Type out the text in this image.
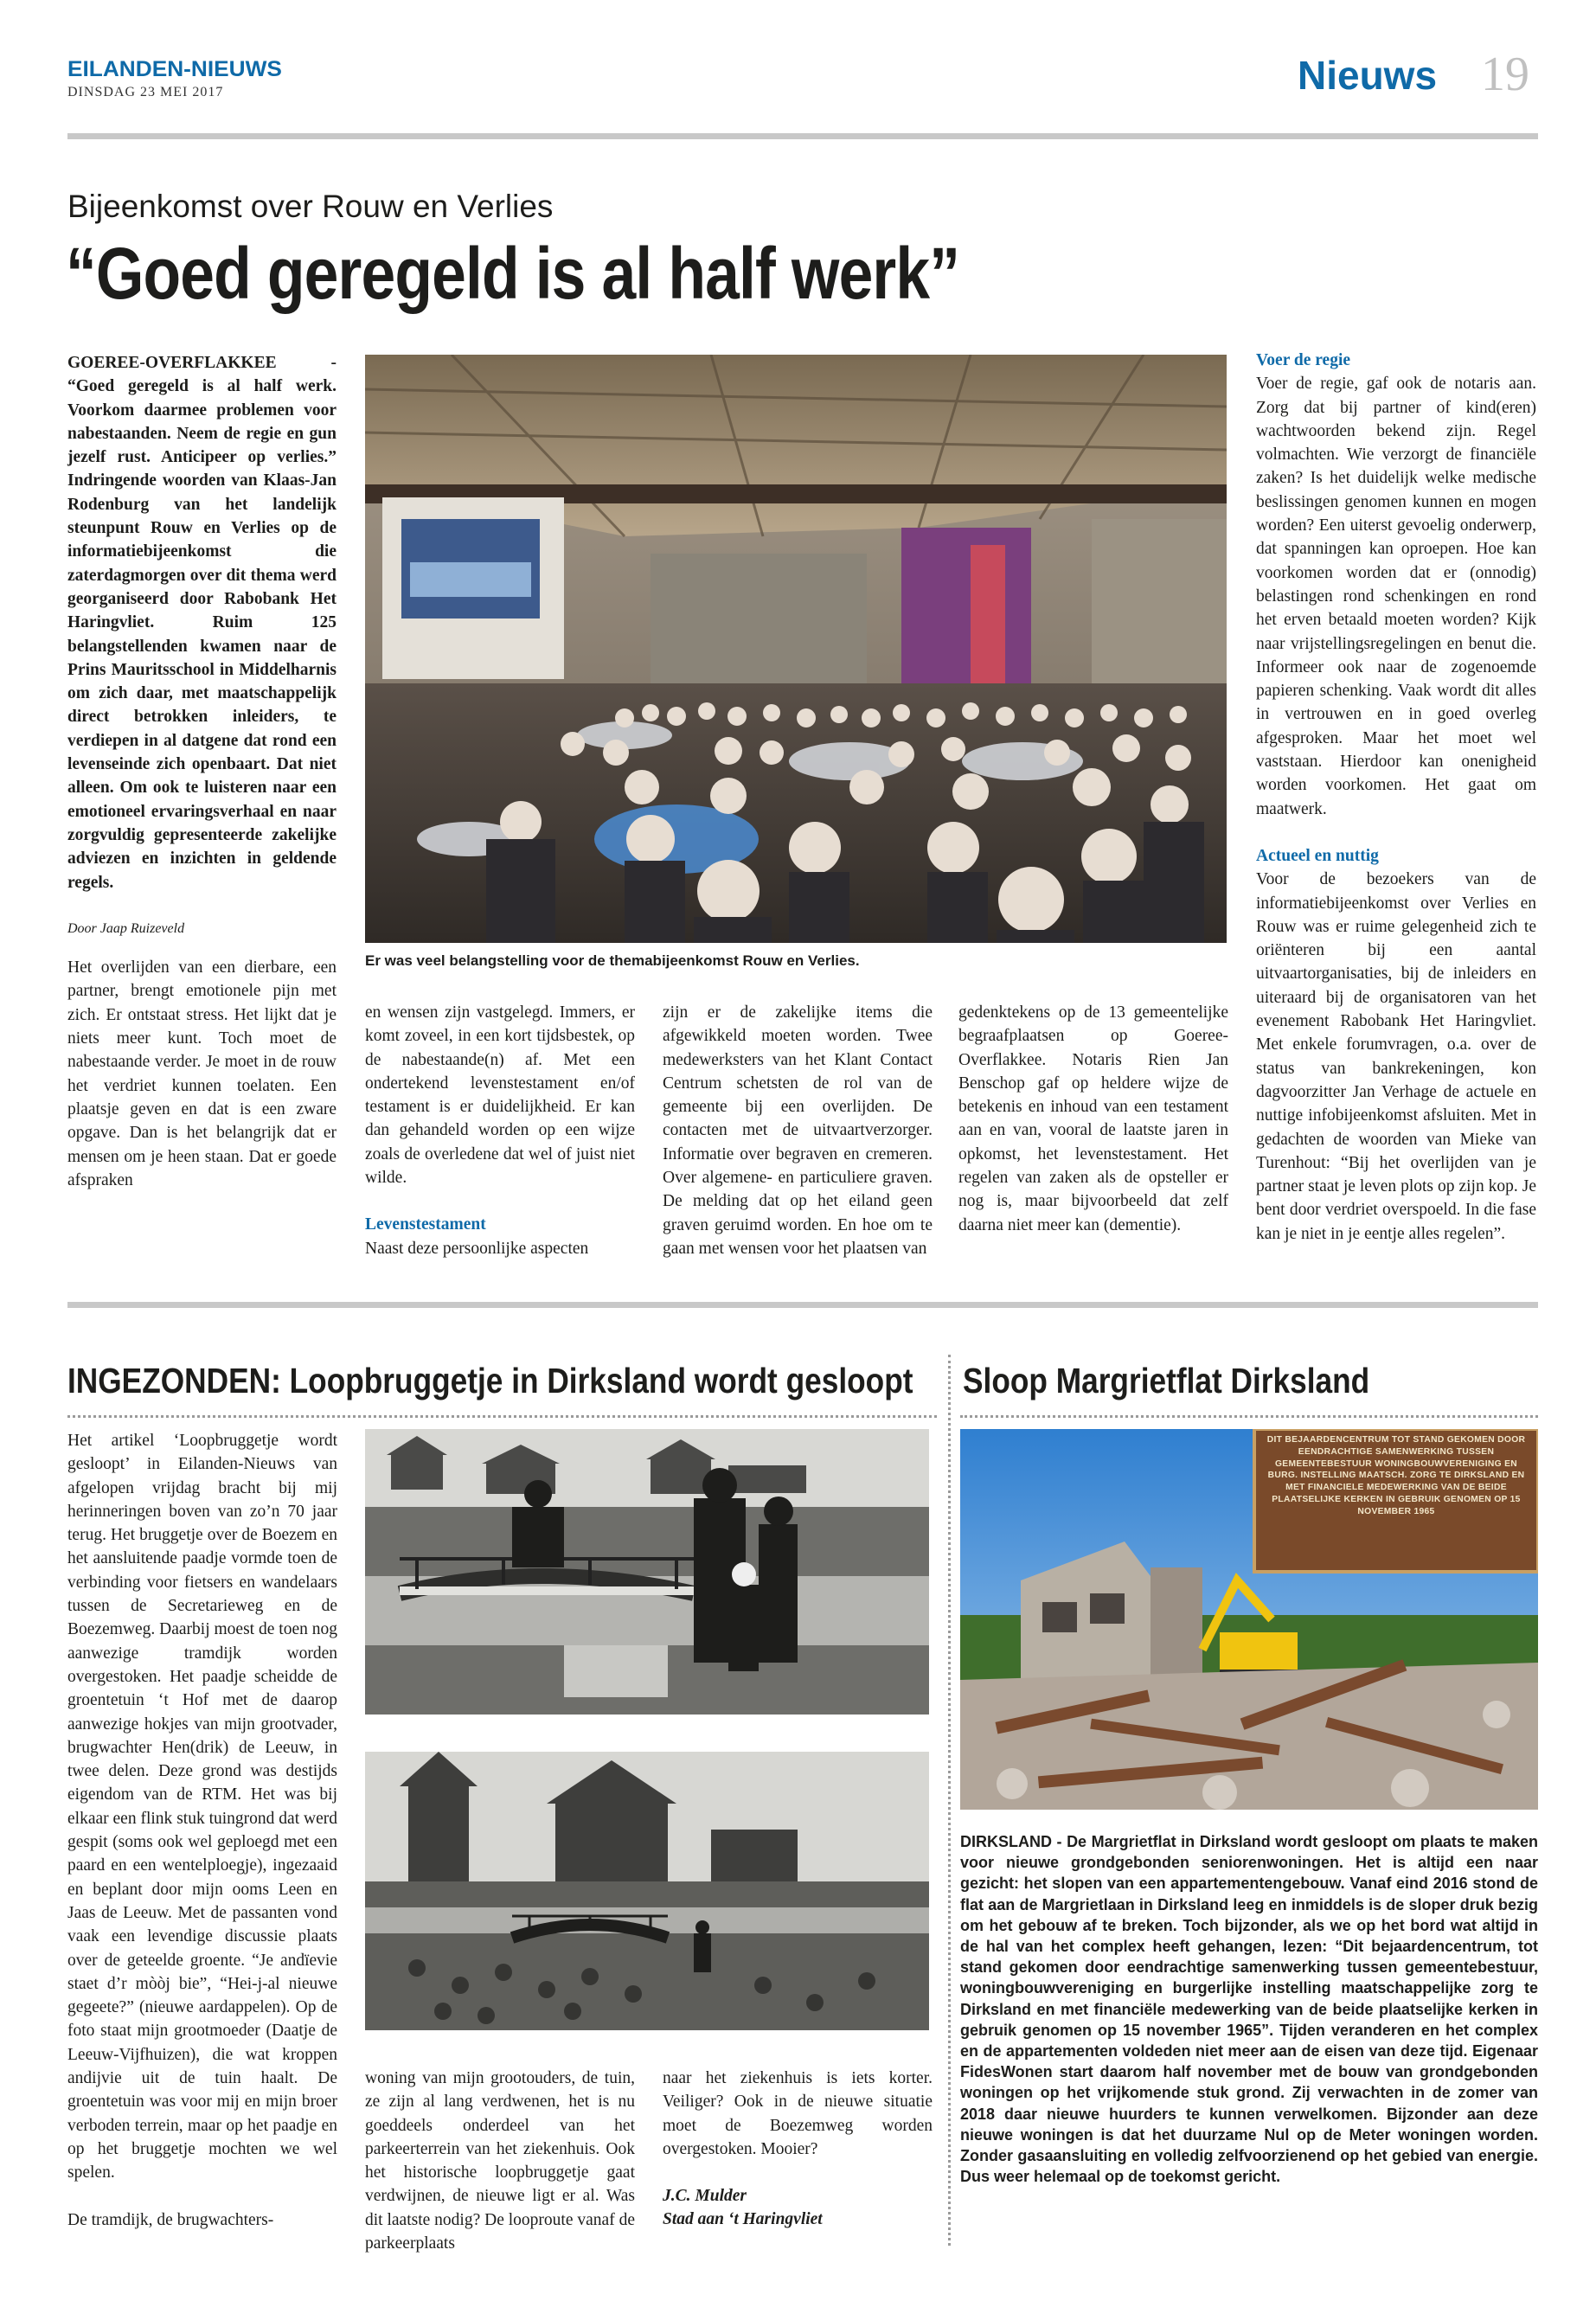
EILANDEN-NIEUWS
DINSDAG 23 MEI 2017	Nieuws 19
Bijeenkomst over Rouw en Verlies
“Goed geregeld is al half werk”

GOEREE-OVERFLAKKEE - “Goed geregeld is al half werk. Voorkom daarmee problemen voor nabestaanden. Neem de regie en gun jezelf rust. Anticipeer op verlies.” Indringende woorden van Klaas-Jan Rodenburg van het landelijk steunpunt Rouw en Verlies op de informatiebijeenkomst die zaterdagmorgen over dit thema werd georganiseerd door Rabobank Het Haringvliet. Ruim 125 belangstellenden kwamen naar de Prins Mauritsschool in Middelharnis om zich daar, met maatschappelijk direct betrokken inleiders, te verdiepen in al datgene dat rond een levenseinde zich openbaart. Dat niet alleen. Om ook te luisteren naar een emotioneel ervaringsverhaal en naar zorgvuldig gepresenteerde zakelijke adviezen en inzichten in geldende regels.

Door Jaap Ruizeveld

Het overlijden van een dierbare, een partner, brengt emotionele pijn met zich. Er ontstaat stress. Het lijkt dat je niets meer kunt. Toch moet de nabestaande verder. Je moet in de rouw het verdriet kunnen toelaten. Een plaatsje geven en dat is een zware opgave. Dan is het belangrijk dat er mensen om je heen staan. Dat er goede afspraken

Er was veel belangstelling voor de themabijeenkomst Rouw en Verlies.

en wensen zijn vastgelegd. Immers, er komt zoveel, in een kort tijdsbestek, op de nabestaande(n) af. Met een ondertekend levenstestament en/of testament is er duidelijkheid. Er kan dan gehandeld worden op een wijze zoals de overledene dat wel of juist niet wilde.

Levenstestament

Naast deze persoonlijke aspecten

zijn er de zakelijke items die afgewikkeld moeten worden. Twee medewerksters van het Klant Contact Centrum schetsten de rol van de gemeente bij een overlijden. De contacten met de uitvaartverzorger. Informatie over begraven en cremeren. Over algemene- en particuliere graven. De melding dat op het eiland geen graven geruimd worden. En hoe om te gaan met wensen voor het plaatsen van
gedenktekens op de 13 gemeentelijke begraafplaatsen op Goeree-Overflakkee. Notaris Rien Jan Benschop gaf op heldere wijze de betekenis en inhoud van een testament aan en van, vooral de laatste jaren in opkomst, het levenstestament. Het regelen van zaken als de opsteller er nog is, maar bijvoorbeeld dat zelf daarna niet meer kan (dementie).

Voer de regie

Voer de regie, gaf ook de notaris aan. Zorg dat bij partner of kind(eren) wachtwoorden bekend zijn. Regel volmachten. Wie verzorgt de financiële zaken? Is het duidelijk welke medische beslissingen genomen kunnen en mogen worden? Een uiterst gevoelig onderwerp, dat spanningen kan oproepen. Hoe kan voorkomen worden dat er (onnodig) belastingen rond schenkingen en rond het erven betaald moeten worden? Kijk naar vrijstellingsregelingen en benut die. Informeer ook naar de zogenoemde papieren schenking. Vaak wordt dit alles in vertrouwen en in goed overleg afgesproken. Maar het moet wel vaststaan. Hierdoor kan onenigheid worden voorkomen. Het gaat om maatwerk.

Actueel en nuttig

Voor de bezoekers van de informatiebijeenkomst over Verlies en Rouw was er ruime gelegenheid zich te oriënteren bij een aantal uitvaartorganisaties, bij de inleiders en uiteraard bij de organisatoren van het evenement Rabobank Het Haringvliet. Met enkele forumvragen, o.a. over de status van bankrekeningen, kon dagvoorzitter Jan Verhage de actuele en nuttige infobijeenkomst afsluiten. Met in gedachten de woorden van Mieke van Turenhout: “Bij het overlijden van je partner staat je leven plots op zijn kop. Je bent door verdriet overspoeld. In die fase kan je niet in je eentje alles regelen”.

INGEZONDEN: Loopbruggetje in Dirksland wordt gesloopt

Het artikel ‘Loopbruggetje wordt gesloopt’ in Eilanden-Nieuws van afgelopen vrijdag bracht bij mij herinneringen boven van zo’n 70 jaar terug. Het bruggetje over de Boezem en het aansluitende paadje vormde toen de verbinding voor fietsers en wandelaars tussen de Secretarieweg en de Boezemweg. Daarbij moest de toen nog aanwezige tramdijk worden overgestoken. Het paadje scheidde de groentetuin ‘t Hof met de daarop aanwezige hokjes van mijn grootvader, brugwachter Hen(drik) de Leeuw, in twee delen. Deze grond was destijds eigendom van de RTM. Het was bij elkaar een flink stuk tuingrond dat werd gespit (soms ook wel geploegd met een paard en een wentelploegje), ingezaaid en beplant door mijn ooms Leen en Jaas de Leeuw. Met de passanten vond vaak een levendige discussie plaats over de geteelde groente. “Je andïevie staet d’r mòòj bie”, “Hei-j-al nieuwe gegeete?” (nieuwe aardappelen). Op de foto staat mijn grootmoeder (Daatje de Leeuw-Vijfhuizen), die wat kroppen andijvie uit de tuin haalt. De groentetuin was voor mij en mijn broer verboden terrein, maar op het paadje en op het bruggetje mochten we wel spelen.

De tramdijk, de brugwachters-

woning van mijn grootouders, de tuin, ze zijn al lang verdwenen, het is nu goeddeels onderdeel van het parkeerterrein van het ziekenhuis. Ook het historische loopbruggetje gaat verdwijnen, de nieuwe ligt er al. Was dit laatste nodig? De looproute vanaf de parkeerplaats

naar het ziekenhuis is iets korter. Veiliger? Ook in de nieuwe situatie moet de Boezemweg worden overgestoken. Mooier?

J.C. Mulder

Stad aan ‘t Haringvliet

Sloop Margrietflat Dirksland
DIT BEJAARDENCENTRUM TOT STAND GEKOMEN DOOR EENDRACHTIGE SAMENWERKING TUSSEN GEMEENTEBESTUUR WONINGBOUWVERENIGING EN BURG. INSTELLING MAATSCH. ZORG TE DIRKSLAND EN MET FINANCIELE MEDEWERKING VAN DE BEIDE PLAATSELIJKE KERKEN IN GEBRUIK GENOMEN OP 15 NOVEMBER 1965
DIRKSLAND - De Margrietflat in Dirksland wordt gesloopt om plaats te maken voor nieuwe grondgebonden seniorenwoningen. Het is altijd een naar gezicht: het slopen van een appartementengebouw. Vanaf eind 2016 stond de flat aan de Margrietlaan in Dirksland leeg en inmiddels is de sloper druk bezig om het gebouw af te breken. Toch bijzonder, als we op het bord wat altijd in de hal van het complex heeft gehangen, lezen: “Dit bejaardencentrum, tot stand gekomen door eendrachtige samenwerking tussen gemeentebestuur, woningbouwvereniging en burgerlijke instelling maatschappelijke zorg te Dirksland en met financiële medewerking van de beide plaatselijke kerken in gebruik genomen op 15 november 1965”. Tijden veranderen en het complex en de appartementen voldeden niet meer aan de eisen van deze tijd. Eigenaar FidesWonen start daarom half november met de bouw van grondgebonden woningen op het vrijkomende stuk grond. Zij verwachten in de zomer van 2018 daar nieuwe huurders te kunnen verwelkomen. Bijzonder aan deze nieuwe woningen is dat het duurzame Nul op de Meter woningen worden. Zonder gasaansluiting en volledig zelfvoorzienend op het gebied van energie. Dus weer helemaal op de toekomst gericht.
